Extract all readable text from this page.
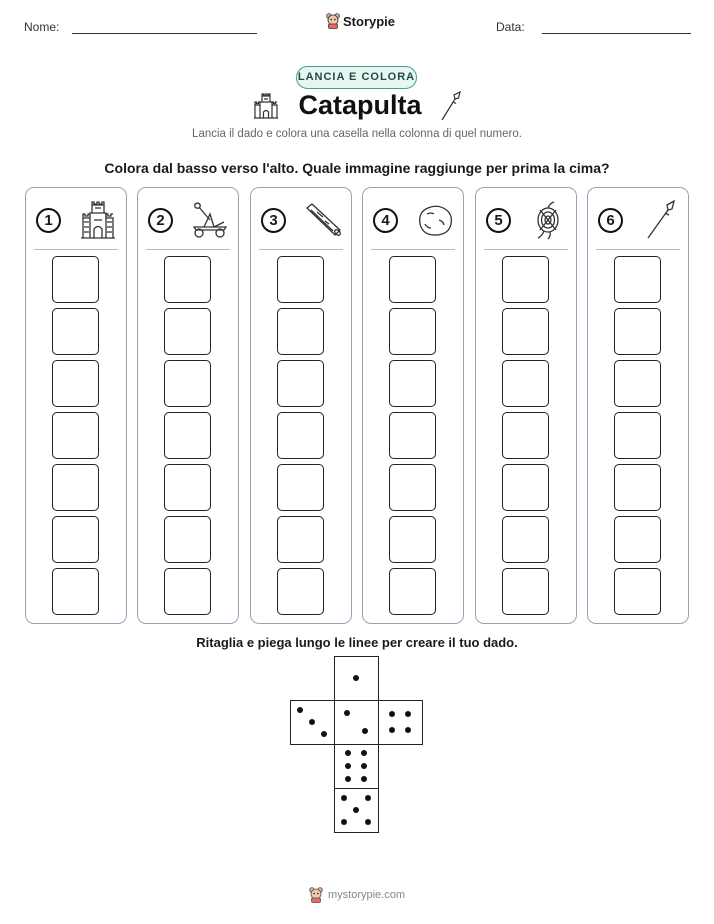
Nome:	Storypie	Data:
LANCIA E COLORA
Catapulta
Lancia il dado e colora una casella nella colonna di quel numero.
Colora dal basso verso l'alto. Quale immagine raggiunge per prima la cima?
1	2	3	4	5	6
Ritaglia e piega lungo le linee per creare il tuo dado.
mystorypie.com
